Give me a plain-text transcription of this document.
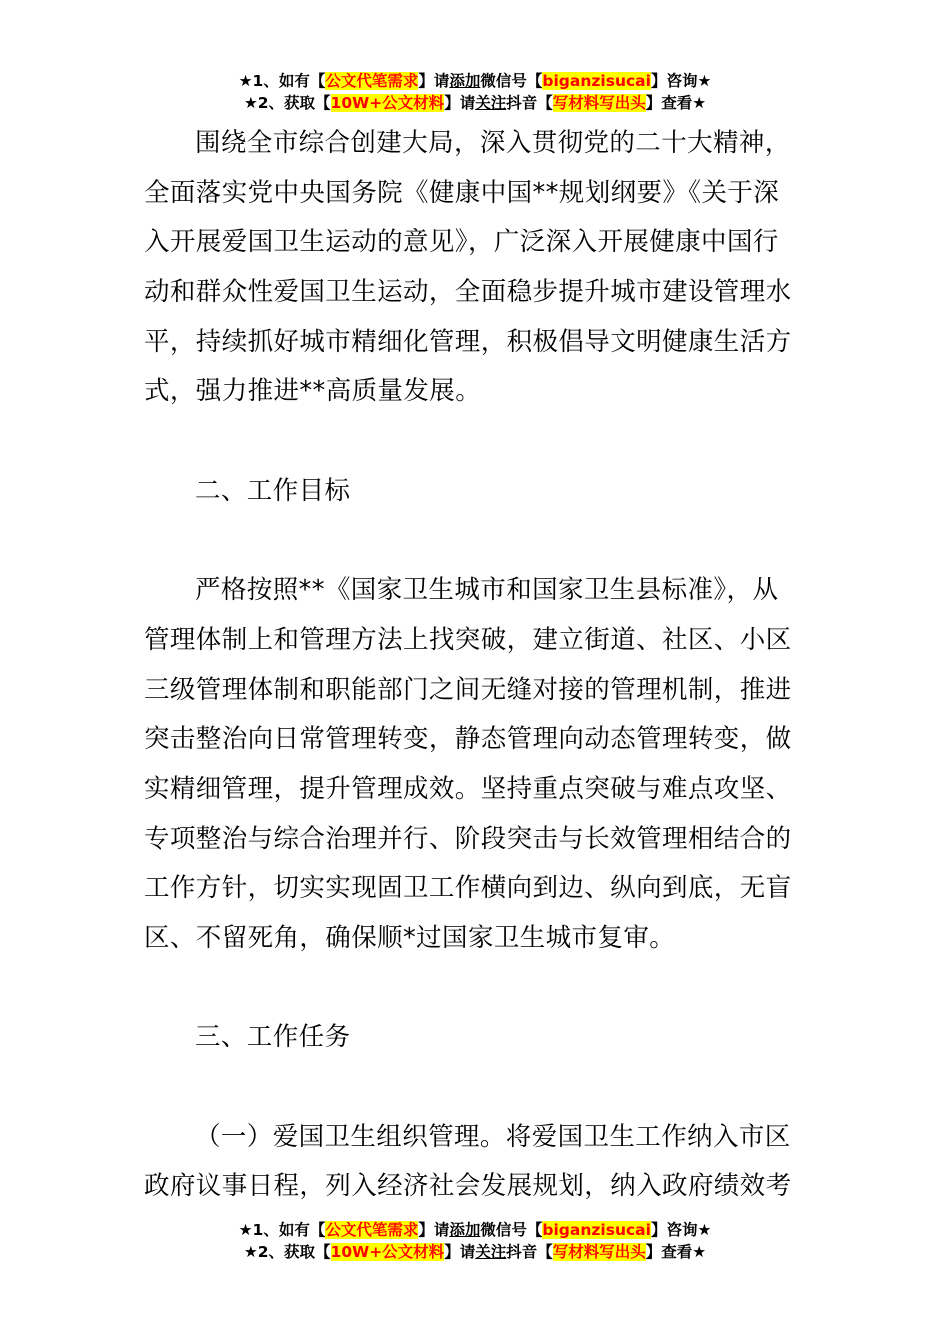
★1、如有【公文代笔需求】请添加微信号【biganzisucai】咨询★
★2、获取【10W+公文材料】请关注抖音【写材料写出头】查看★
围绕全市综合创建大局，深入贯彻党的二十大精神，
全面落实党中央国务院《健康中国**规划纲要》《关于深
入开展爱国卫生运动的意见》，广泛深入开展健康中国行
动和群众性爱国卫生运动，全面稳步提升城市建设管理水
平，持续抓好城市精细化管理，积极倡导文明健康生活方
式，强力推进**高质量发展。
二、工作目标
严格按照**《国家卫生城市和国家卫生县标准》，从
管理体制上和管理方法上找突破，建立街道、社区、小区
三级管理体制和职能部门之间无缝对接的管理机制，推进
突击整治向日常管理转变，静态管理向动态管理转变，做
实精细管理，提升管理成效。坚持重点突破与难点攻坚、
专项整治与综合治理并行、阶段突击与长效管理相结合的
工作方针，切实实现固卫工作横向到边、纵向到底，无盲
区、不留死角，确保顺*过国家卫生城市复审。
三、工作任务
（一）爱国卫生组织管理。将爱国卫生工作纳入市区
政府议事日程，列入经济社会发展规划，纳入政府绩效考
★1、如有【公文代笔需求】请添加微信号【biganzisucai】咨询★
★2、获取【10W+公文材料】请关注抖音【写材料写出头】查看★
